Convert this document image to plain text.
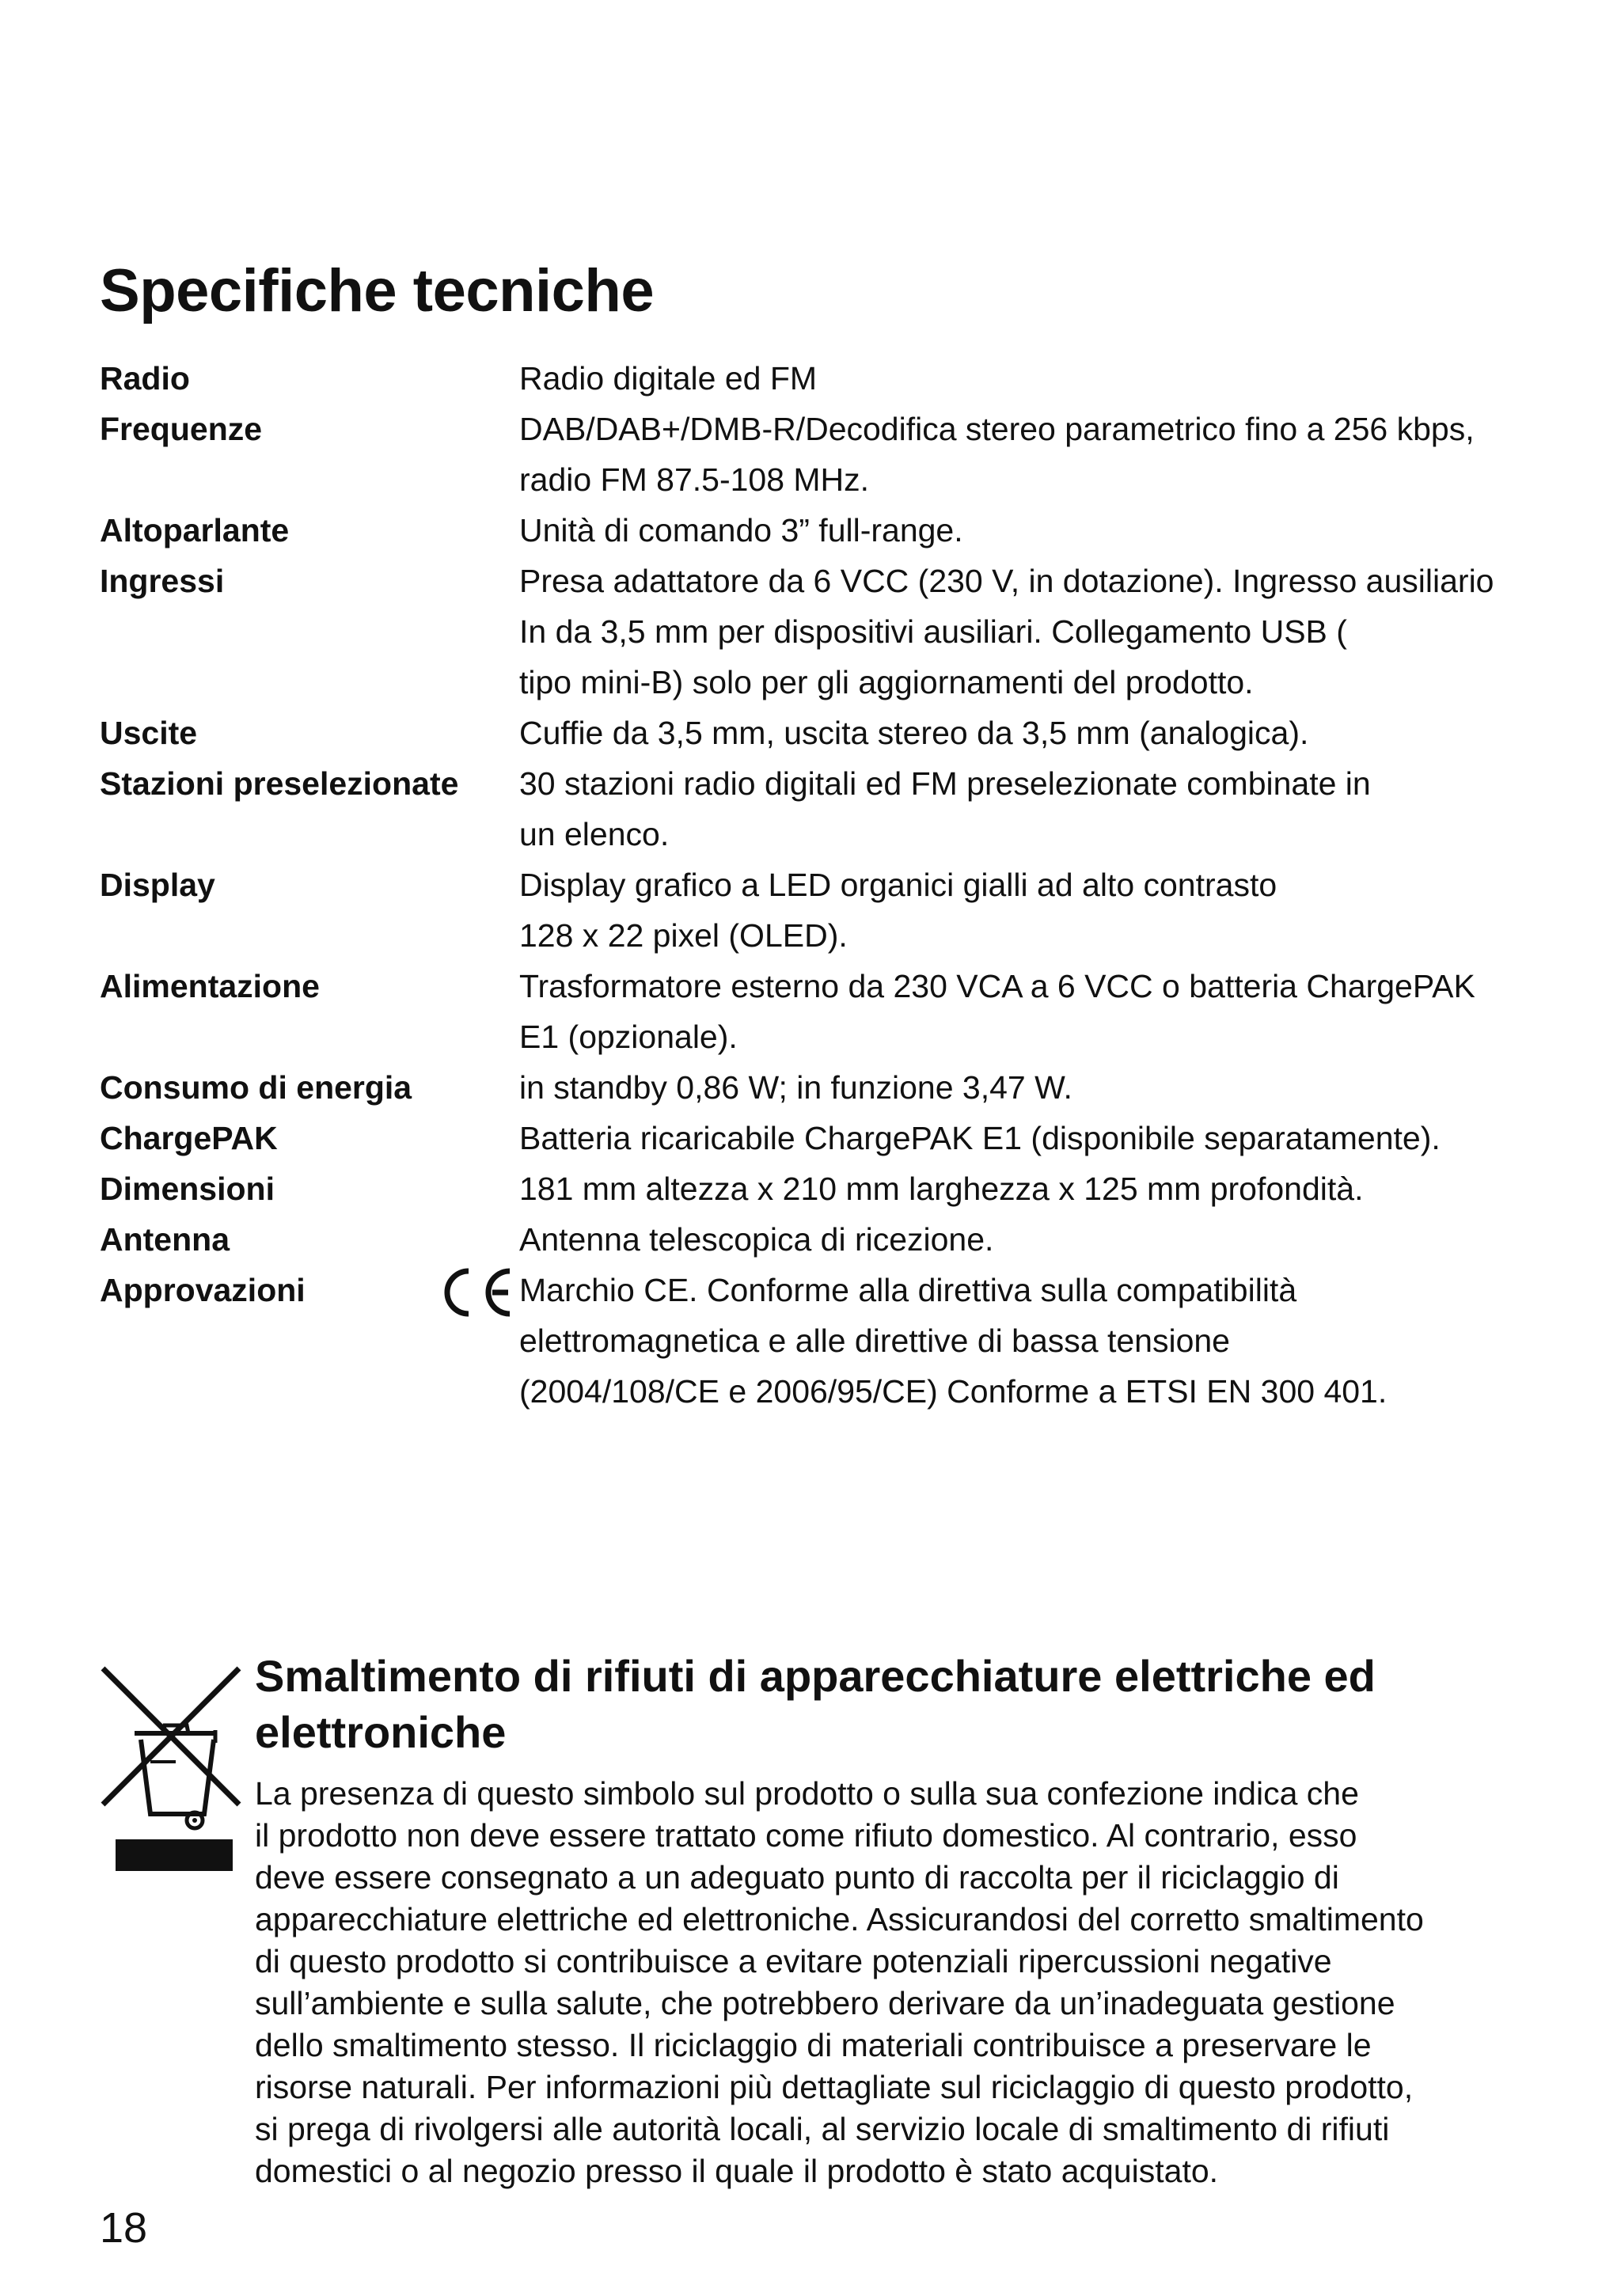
Specifiche tecniche
Radio	Radio digitale ed FM
Frequenze	DAB/DAB+/DMB-R/Decodifica stereo parametrico fino a 256 kbps,
radio FM 87.5-108 MHz.
Altoparlante	Unità di comando 3” full-range.
Ingressi	Presa adattatore da 6 VCC (230 V, in dotazione). Ingresso ausiliario
In da 3,5 mm per dispositivi ausiliari. Collegamento USB (
tipo mini-B) solo per gli aggiornamenti del prodotto.
Uscite	Cuffie da 3,5 mm, uscita stereo da 3,5 mm (analogica).
Stazioni preselezionate	30 stazioni radio digitali ed FM preselezionate combinate in
un elenco.
Display	Display grafico a LED organici gialli ad alto contrasto
128 x 22 pixel (OLED).
Alimentazione	Trasformatore esterno da 230 VCA a 6 VCC o batteria ChargePAK
E1 (opzionale).
Consumo di energia	in standby 0,86 W; in funzione 3,47 W.
ChargePAK	Batteria ricaricabile ChargePAK E1 (disponibile separatamente).
Dimensioni	181 mm altezza x 210 mm larghezza x 125 mm profondità.
Antenna	Antenna telescopica di ricezione.
Approvazioni	Marchio CE. Conforme alla direttiva sulla compatibilità
elettromagnetica e alle direttive di bassa tensione
(2004/108/CE e 2006/95/CE) Conforme a ETSI EN 300 401.
Smaltimento di rifiuti di apparecchiature elettriche ed
elettroniche
La presenza di questo simbolo sul prodotto o sulla sua confezione indica che
il prodotto non deve essere trattato come rifiuto domestico. Al contrario, esso
deve essere consegnato a un adeguato punto di raccolta per il riciclaggio di
apparecchiature elettriche ed elettroniche. Assicurandosi del corretto smaltimento
di questo prodotto si contribuisce a evitare potenziali ripercussioni negative
sull’ambiente e sulla salute, che potrebbero derivare da un’inadeguata gestione
dello smaltimento stesso. Il riciclaggio di materiali contribuisce a preservare le
risorse naturali. Per informazioni più dettagliate sul riciclaggio di questo prodotto,
si prega di rivolgersi alle autorità locali, al servizio locale di smaltimento di rifiuti
domestici o al negozio presso il quale il prodotto è stato acquistato.
18
